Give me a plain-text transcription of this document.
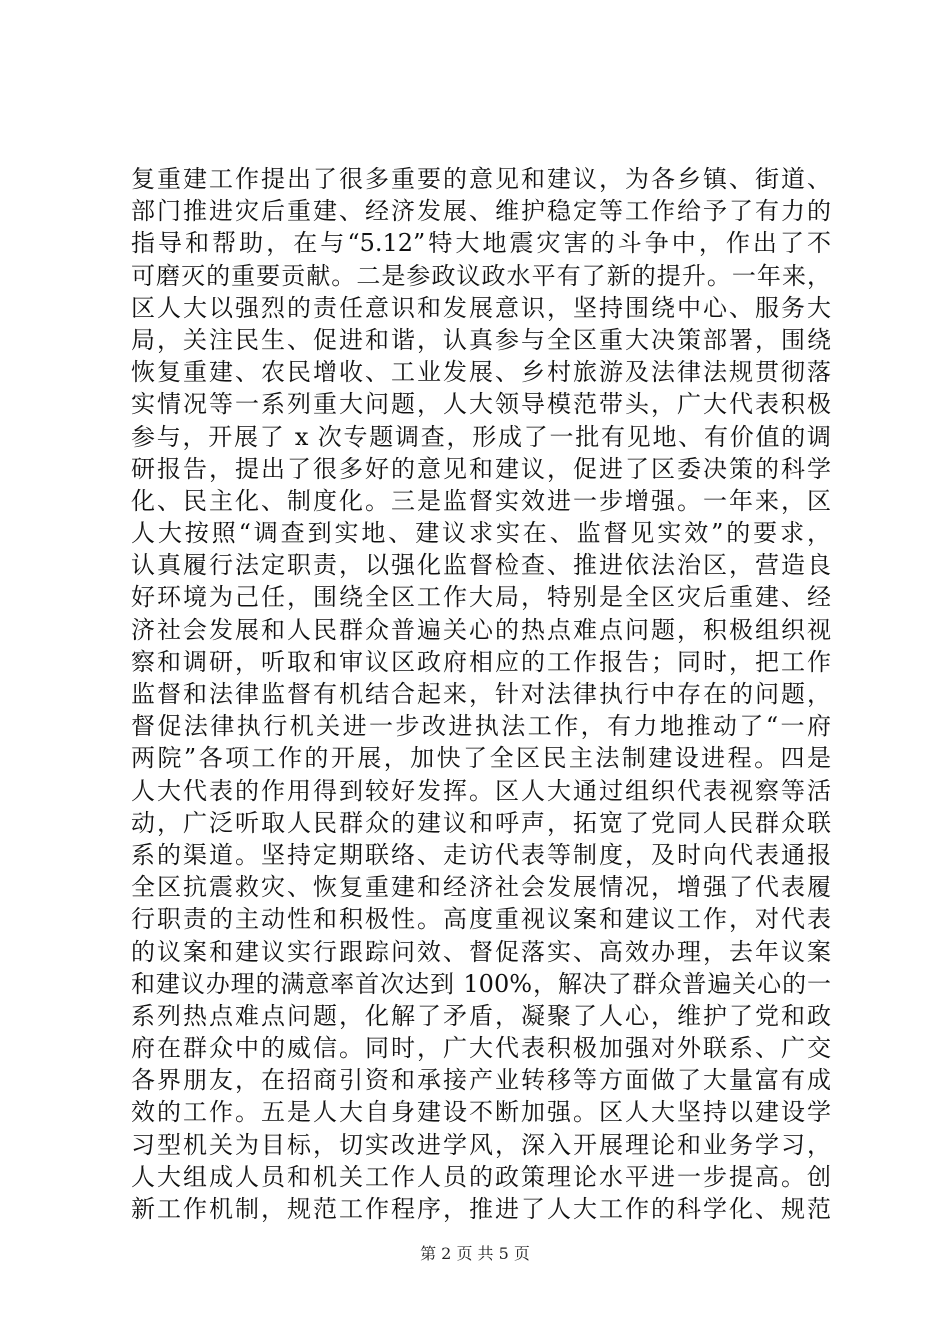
复重建工作提出了很多重要的意见和建议，为各乡镇、街道、
部门推进灾后重建、经济发展、维护稳定等工作给予了有力的
指导和帮助，在与“5.12”特大地震灾害的斗争中，作出了不
可磨灭的重要贡献。二是参政议政水平有了新的提升。一年来，
区人大以强烈的责任意识和发展意识，坚持围绕中心、服务大
局，关注民生、促进和谐，认真参与全区重大决策部署，围绕
恢复重建、农民增收、工业发展、乡村旅游及法律法规贯彻落
实情况等一系列重大问题，人大领导模范带头，广大代表积极
参与，开展了 x 次专题调查，形成了一批有见地、有价值的调
研报告，提出了很多好的意见和建议，促进了区委决策的科学
化、民主化、制度化。三是监督实效进一步增强。一年来，区
人大按照“调查到实地、建议求实在、监督见实效”的要求，
认真履行法定职责，以强化监督检查、推进依法治区，营造良
好环境为己任，围绕全区工作大局，特别是全区灾后重建、经
济社会发展和人民群众普遍关心的热点难点问题，积极组织视
察和调研，听取和审议区政府相应的工作报告；同时，把工作
监督和法律监督有机结合起来，针对法律执行中存在的问题，
督促法律执行机关进一步改进执法工作，有力地推动了“一府
两院”各项工作的开展，加快了全区民主法制建设进程。四是
人大代表的作用得到较好发挥。区人大通过组织代表视察等活
动，广泛听取人民群众的建议和呼声，拓宽了党同人民群众联
系的渠道。坚持定期联络、走访代表等制度，及时向代表通报
全区抗震救灾、恢复重建和经济社会发展情况，增强了代表履
行职责的主动性和积极性。高度重视议案和建议工作，对代表
的议案和建议实行跟踪问效、督促落实、高效办理，去年议案
和建议办理的满意率首次达到 100%，解决了群众普遍关心的一
系列热点难点问题，化解了矛盾，凝聚了人心，维护了党和政
府在群众中的威信。同时，广大代表积极加强对外联系、广交
各界朋友，在招商引资和承接产业转移等方面做了大量富有成
效的工作。五是人大自身建设不断加强。区人大坚持以建设学
习型机关为目标，切实改进学风，深入开展理论和业务学习，
人大组成人员和机关工作人员的政策理论水平进一步提高。创
新工作机制，规范工作程序，推进了人大工作的科学化、规范
第 2 页 共 5 页
